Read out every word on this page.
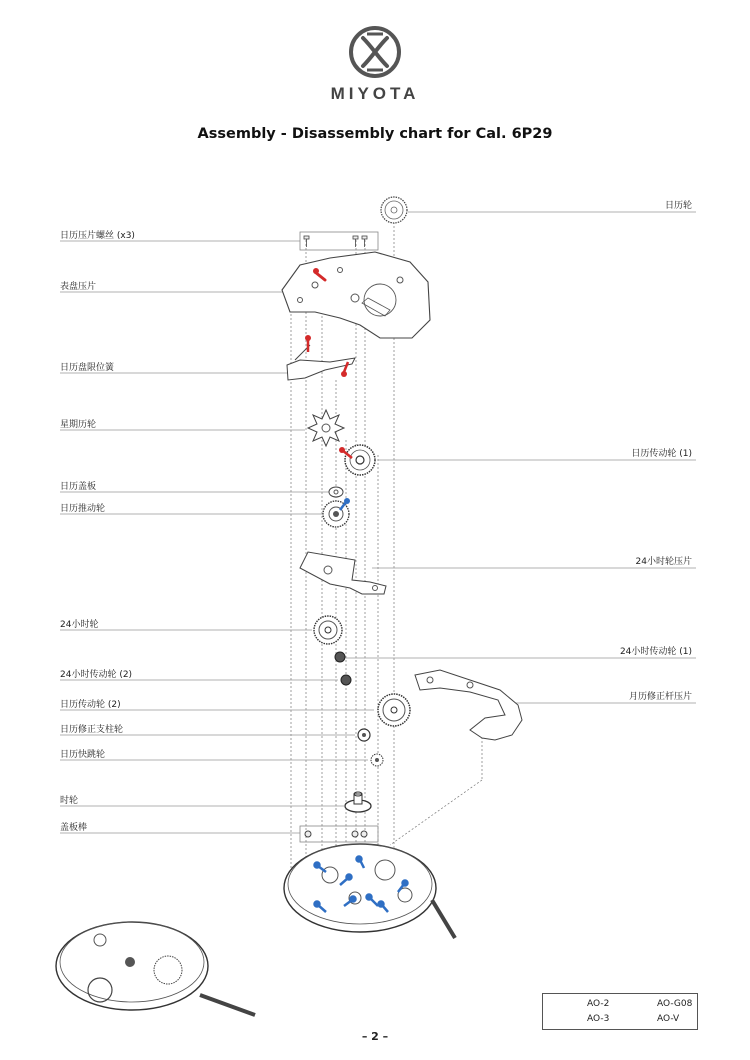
MIYOTA
Assembly - Disassembly chart for Cal. 6P29
日历压片螺丝 (x3)
表盘压片
日历盘限位簧
星期历轮
日历盖板
日历推动轮
24小时轮
24小时传动轮 (2)
日历传动轮 (2)
日历修正支柱轮
日历快跳轮
时轮
盖板棒
日历轮
日历传动轮 (1)
24小时轮压片
24小时传动轮 (1)
月历修正杆压片
AO-2	AO-G08
AO-3	AO-V
– 2 –
